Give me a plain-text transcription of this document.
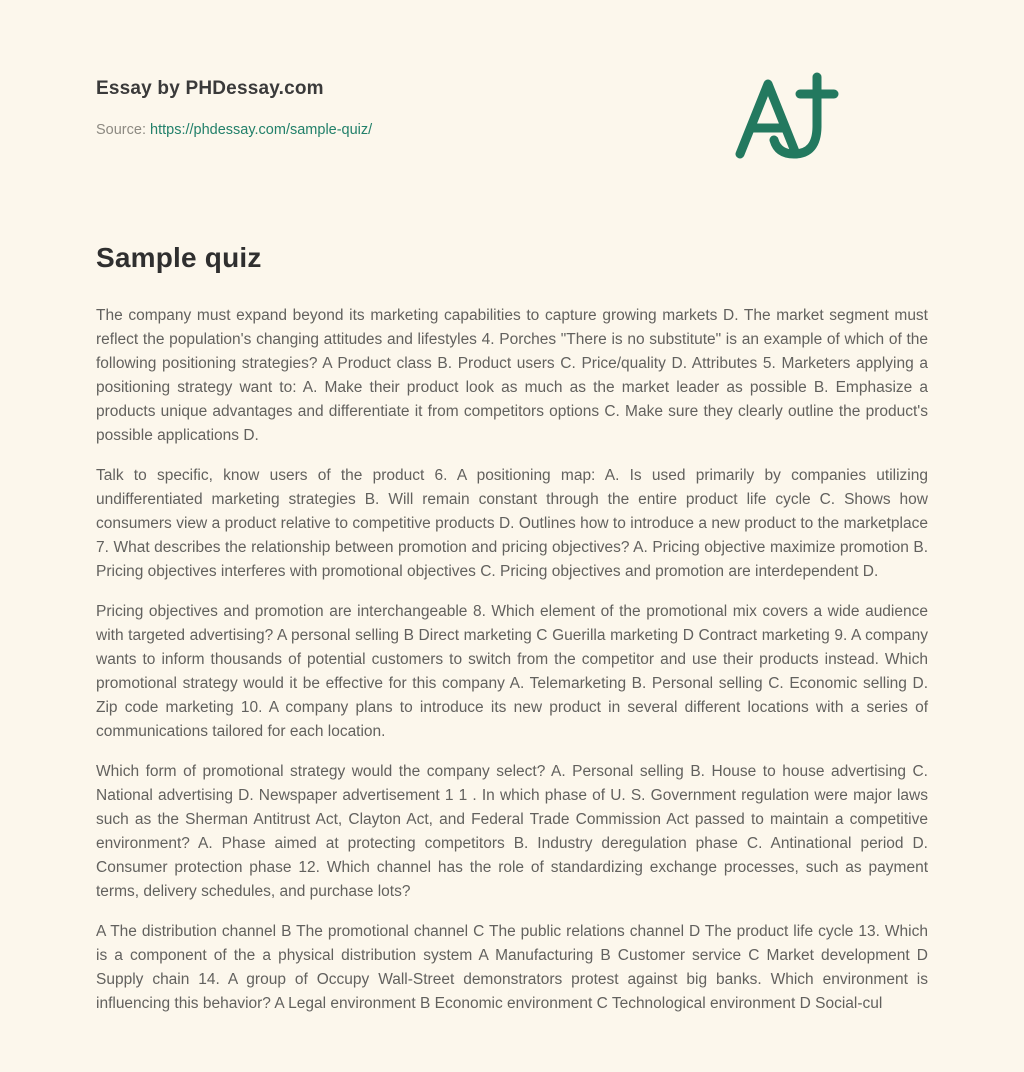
Essay by PHDessay.com
Source: https://phdessay.com/sample-quiz/
Sample quiz

The company must expand beyond its marketing capabilities to capture growing markets D. The market segment must reflect the population's changing attitudes and lifestyles 4. Porches "There is no substitute" is an example of which of the following positioning strategies? A Product class B. Product users C. Price/quality D. Attributes 5. Marketers applying a positioning strategy want to: A. Make their product look as much as the market leader as possible B. Emphasize a products unique advantages and differentiate it from competitors options C. Make sure they clearly outline the product's possible applications D.

Talk to specific, know users of the product 6. A positioning map: A. Is used primarily by companies utilizing undifferentiated marketing strategies B. Will remain constant through the entire product life cycle C. Shows how consumers view a product relative to competitive products D. Outlines how to introduce a new product to the marketplace 7. What describes the relationship between promotion and pricing objectives? A. Pricing objective maximize promotion B. Pricing objectives interferes with promotional objectives C. Pricing objectives and promotion are interdependent D.

Pricing objectives and promotion are interchangeable 8. Which element of the promotional mix covers a wide audience with targeted advertising? A personal selling B Direct marketing C Guerilla marketing D Contract marketing 9. A company wants to inform thousands of potential customers to switch from the competitor and use their products instead. Which promotional strategy would it be effective for this company A. Telemarketing B. Personal selling C. Economic selling D. Zip code marketing 10. A company plans to introduce its new product in several different locations with a series of communications tailored for each location.

Which form of promotional strategy would the company select? A. Personal selling B. House to house advertising C. National advertising D. Newspaper advertisement 1 1 . In which phase of U. S. Government regulation were major laws such as the Sherman Antitrust Act, Clayton Act, and Federal Trade Commission Act passed to maintain a competitive environment? A. Phase aimed at protecting competitors B. Industry deregulation phase C. Antinational period D. Consumer protection phase 12. Which channel has the role of standardizing exchange processes, such as payment terms, delivery schedules, and purchase lots?

A The distribution channel B The promotional channel C The public relations channel D The product life cycle 13. Which is a component of the a physical distribution system A Manufacturing B Customer service C Market development D Supply chain 14. A group of Occupy Wall-Street demonstrators protest against big banks. Which environment is influencing this behavior? A Legal environment B Economic environment C Technological environment D Social-cul
